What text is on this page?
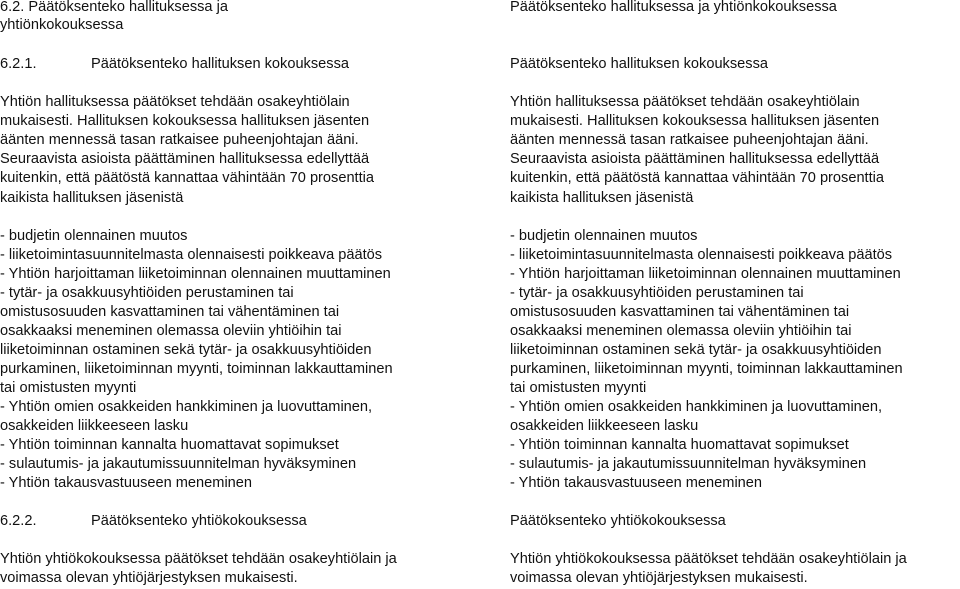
6.2. Päätöksenteko hallituksessa ja
yhtiönkokouksessa
6.2.1.	Päätöksenteko hallituksen kokouksessa
Yhtiön hallituksessa päätökset tehdään osakeyhtiölain
mukaisesti. Hallituksen kokouksessa hallituksen jäsenten
äänten mennessä tasan ratkaisee puheenjohtajan ääni.
Seuraavista asioista päättäminen hallituksessa edellyttää
kuitenkin, että päätöstä kannattaa vähintään 70 prosenttia
kaikista hallituksen jäsenistä
- budjetin olennainen muutos
- liiketoimintasuunnitelmasta olennaisesti poikkeava päätös
- Yhtiön harjoittaman liiketoiminnan olennainen muuttaminen
- tytär- ja osakkuusyhtiöiden perustaminen tai
omistusosuuden kasvattaminen tai vähentäminen tai
osakkaaksi meneminen olemassa oleviin yhtiöihin tai
liiketoiminnan ostaminen sekä tytär- ja osakkuusyhtiöiden
purkaminen, liiketoiminnan myynti, toiminnan lakkauttaminen
tai omistusten myynti
- Yhtiön omien osakkeiden hankkiminen ja luovuttaminen,
osakkeiden liikkeeseen lasku
- Yhtiön toiminnan kannalta huomattavat sopimukset
- sulautumis- ja jakautumissuunnitelman hyväksyminen
- Yhtiön takausvastuuseen meneminen
6.2.2.	Päätöksenteko yhtiökokouksessa
Yhtiön yhtiökokouksessa päätökset tehdään osakeyhtiölain ja
voimassa olevan yhtiöjärjestyksen mukaisesti.
Päätöksenteko hallituksessa ja yhtiönkokouksessa
Päätöksenteko hallituksen kokouksessa
Yhtiön hallituksessa päätökset tehdään osakeyhtiölain
mukaisesti. Hallituksen kokouksessa hallituksen jäsenten
äänten mennessä tasan ratkaisee puheenjohtajan ääni.
Seuraavista asioista päättäminen hallituksessa edellyttää
kuitenkin, että päätöstä kannattaa vähintään 70 prosenttia
kaikista hallituksen jäsenistä
- budjetin olennainen muutos
- liiketoimintasuunnitelmasta olennaisesti poikkeava päätös
- Yhtiön harjoittaman liiketoiminnan olennainen muuttaminen
- tytär- ja osakkuusyhtiöiden perustaminen tai
omistusosuuden kasvattaminen tai vähentäminen tai
osakkaaksi meneminen olemassa oleviin yhtiöihin tai
liiketoiminnan ostaminen sekä tytär- ja osakkuusyhtiöiden
purkaminen, liiketoiminnan myynti, toiminnan lakkauttaminen
tai omistusten myynti
- Yhtiön omien osakkeiden hankkiminen ja luovuttaminen,
osakkeiden liikkeeseen lasku
- Yhtiön toiminnan kannalta huomattavat sopimukset
- sulautumis- ja jakautumissuunnitelman hyväksyminen
- Yhtiön takausvastuuseen meneminen
Päätöksenteko yhtiökokouksessa
Yhtiön yhtiökokouksessa päätökset tehdään osakeyhtiölain ja
voimassa olevan yhtiöjärjestyksen mukaisesti.
